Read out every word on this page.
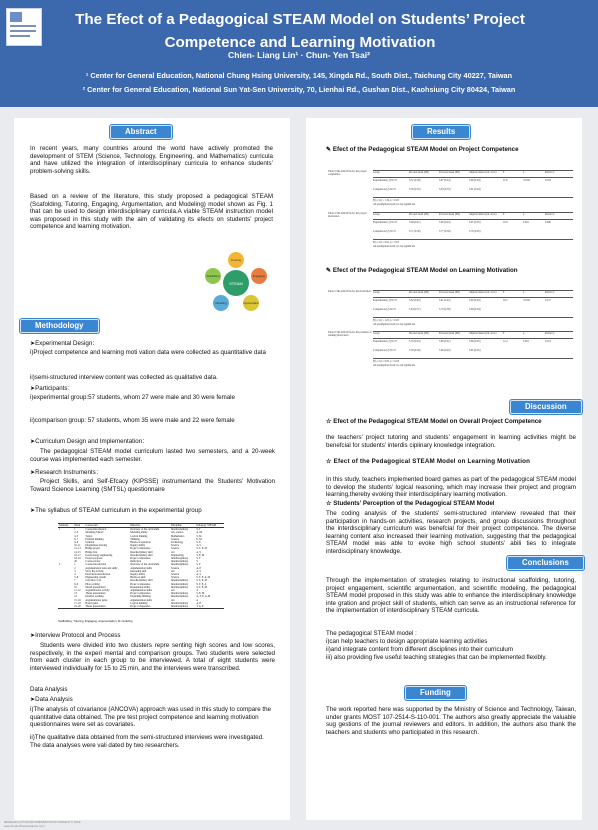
The Efect of a Pedagogical STEAM Model on Students’ Project
Competence and Learning Motivation
Chien- Liang Lin¹ · Chun- Yen Tsai²
¹ Center for General Education, National Chung Hsing University, 145, Xingda Rd., South Dist., Taichung City 40227, Taiwan
² Center for General Education, National Sun Yat-Sen University, 70, Lienhai Rd., Gushan Dist., Kaohsiung City 80424, Taiwan
Abstract
In recent years, many countries around the world have actively promoted the development of STEM (Science, Technology, Engineering, and Mathematics) curricula and have utilized the integration of interdisciplinary curricula to enhance students’ problem-solving skills.
Based on a review of the literature, this study proposed a pedagogical STEAM (Scafolding, Tutoring, Engaging, Argumentation, and Modeling) model shown as Fig. 1 that can be used to design interdisciplinary curricula.A viable STEAM instruction model was proposed in this study with the aim of validating its efects on students’ project competence and learning motivation.
STEAM
Tutoring
Engaging
Argumentation
Modeling
Scaffolding
Methodology
➤Experimental Design：
i)Project competence and learning moti vation data were collected as quantitative data
ii)semi-structured interview content was collected as qualitative data.
➤Participants：
i)experimental group:57 students, whom 27 were male and 30 were female
ii)comparison group: 57 students, whom 35 were male and 22 were female
➤Curriculum Design and Implementation：
The pedagogical STEAM model curriculum lasted two semesters, and a 20-week course was implemented each semester.
➤Research Instruments：
Project Skills, and Self-Efcacy (KIPSSE) instrumentand the Students’ Motivation Toward Science Learning (SMTSL) questionnaire
➤The syllabus of STEAM curriculum in the experimental group
Semester	Week	Course unit	Objective	Discipline	Pedagogy STEAM
1	1	Course Introduction	Overview of the curriculum	Interdisciplinary	S, T
	2–3	Modeling Theory	Modeling ability	Art, science	A, M
	4–5	Topics	Logical thinking	Mathematics	S, M
	6–7	Problem thinking	Thinking	Science	E, M
	8–9	Solution	Hands-on operation	Technology	S, E
	10–11	Imagination drawing	Inquiry ability	Science	A, S
	12–13	Bridge project	Project competence	Science	S, T, E, M
	14–15	Bridge Test	Interdisciplinary skill	Art	A, S
	16–17	Green energy engineering	Interdisciplinary skill	Engineering	S, E, M
	18–19	Project proposal	Project competence	Interdisciplinary	S, T
	20	Course review	Reflection	Interdisciplinary	S
2	1	Course introduction	Overview of the curriculum	Interdisciplinary	S, T
	2	Argumentation rules and skills	Argumentation skills	Science	A, E
	3	Story flip activity	Reasoning skill	Art	A, S
	4	Innovation introduction	Inquiry ability	Science	A, S
	5–6	Engineering system	Hands-on skill	Science	S, T, E, A, M
	7	City micro Cut	Interdisciplinary skill	Interdisciplinary	S, T, E, M
	8–9	Photo writing	Project competence	Interdisciplinary	S, T, E, A
	10	Model presentation	Presentation ability	Interdisciplinary	S, T, E, M
	11–12	Argumentation activity	Argumentation skills	Art	A
	13	Thesis presentation	Project competence	Interdisciplinary	S, E, M
	14	Intuitive teaching	Expanding thinking	Interdisciplinary	A, T, E, A, M
	15–16	Argumentation game	Argumentation skills	Art	A
	17–18	Board game	Logical thinking	Interdisciplinary	A, E
	19–20	Thesis presentation	Project competence	Interdisciplinary	T, A, E
Scaffolding, Tutoring, Engaging, Argumentation, M modeling
➤Interview Protocol and Process
Students were divided into two clusters repre senting high scores and low scores, respectively, in the experi mental and comparison groups. Two students were selected from each cluster in each group to be interviewed. A total of eight students were interviewed individually for 15 to 25 min, and the interviews were transcribed.
Data Analysis
➤Data Analysis
i)The analysis of covariance (ANCOVA) approach was used in this study to compare the quantitative data obtained. The pre test project competence and learning motivation questionnaires were set as covariates.
ii)The qualitative data obtained from the semi-structured interviews were investigated. The data analyses were vali dated by two researchers.
Results
✎ Efect of the Pedagogical STEAM Model on Project Competence
Table 3 The ANCOVA for the project competence
Group	Pre-test mean (SD)	Post-test mean (SD)	Adjusted mean (std. error)	F	p	Partial η²
Experimental (1) N=57	3.51 (0.38)	3.87 (0.44)	3.89 (0.04)	21.6	<0.001	0.163
Comparison (2) N=57	3.56 (0.35)	3.63 (0.33)	3.61 (0.04)
F(1,111) = 1.32, p > 0.05
All assumptions hold; ns: not significant
Table 4 The ANCOVA for the project motivation
Group	Pre-test mean (SD)	Post-test mean (SD)	Adjusted mean (std. error)	F	p	Partial η²
Experimental (1) N=57	3.68 (0.41)	3.96 (0.43)	3.97 (0.05)	10.9	0.001	0.090
Comparison (2) N=57	3.71 (0.36)	3.77 (0.39)	3.76 (0.05)
F(1,111) = 0.91, p > 0.05
All assumptions hold; ns: not significant
✎ Efect of the Pedagogical STEAM Model on Learning Motivation
Table 5 The ANCOVA for the motivation Group	Pre-test mean (SD)	Post-test mean (SD)	Adjusted mean (std. error)	F	p	Partial η²
Experimental (1) N=57	3.62 (0.40)	3.91 (0.42)	3.92 (0.04)	16.2	<0.001	0.127
Comparison (2) N=57	3.64 (0.37)	3.70 (0.38)	3.69 (0.04)
F(1,111) = 1.05, p > 0.05
All assumptions hold; ns: not significant
Table 6 The ANCOVA for the potential of learning motivation
Group	Pre-test mean (SD)	Post-test mean (SD)	Adjusted mean (std. error)	F	p	Partial η²
Experimental (1) N=57	3.55 (0.43)	3.88 (0.41)	3.89 (0.05)	12.4	0.001	0.101
Comparison (2) N=57	3.58 (0.39)	3.66 (0.40)	3.65 (0.05)
F(1,111) = 0.87, p > 0.05
All assumptions hold; ns: not significant
Discussion
☆ Efect of the Pedagogical STEAM Model on Overall Project Competence
the teachers’ project tutoring and students’ engagement in learning activities might be benefcial for students’ interdis ciplinary knowledge integration.
☆ Efect of the Pedagogical STEAM Model on Learning Motivation
In this study, teachers implemented board games as part of the pedagogical STEAM model to develop the students’ logical reasoning, which may increase their project and program learning,thereby evoking their interdisciplinary learning motivation.
☆ Students’ Perception of the Pedagogical STEAM Model
The coding analysis of the students’ semi-structured interview revealed that their participation in hands-on activities, research projects, and group discussions throughout the interdisciplinary curriculum was benefcial for their project competence. The diverse learning content also increased their learning motivation, suggesting that the pedagogical STEAM model was able to evoke high school students’ abili ties to integrate interdisciplinary knowledge.
Conclusions
Through the implementation of strategies relating to instructional scaffolding, tutoring, project engagement, scientific argumentation, and scientific modeling, the pedagogical STEAM model proposed in this study was able to enhance the interdisciplinary knowledge inte gration and project skill of students, which can serve as an instructional reference for the implementation of interdisciplinary STEAM curricula.
The pedagogical STEAM model :
i)can help teachers to design appropriate learning activities
ii)and integrate content from different disciplines into their curriculum
iii) also providing five useful teaching strategies that can be implemented flexibly.
Funding
The work reported here was supported by the Ministry of Science and Technology, Taiwan, under grants MOST 107-2514-S-110-001. The authors also greatly appreciate the valuable sug gestions of the journal reviewers and editors. In addition, the authors also thank the teachers and students who participated in this research.
RESEARCH POSTER PRESENTATION DESIGN © 2019
www.PosterPresentations.com
